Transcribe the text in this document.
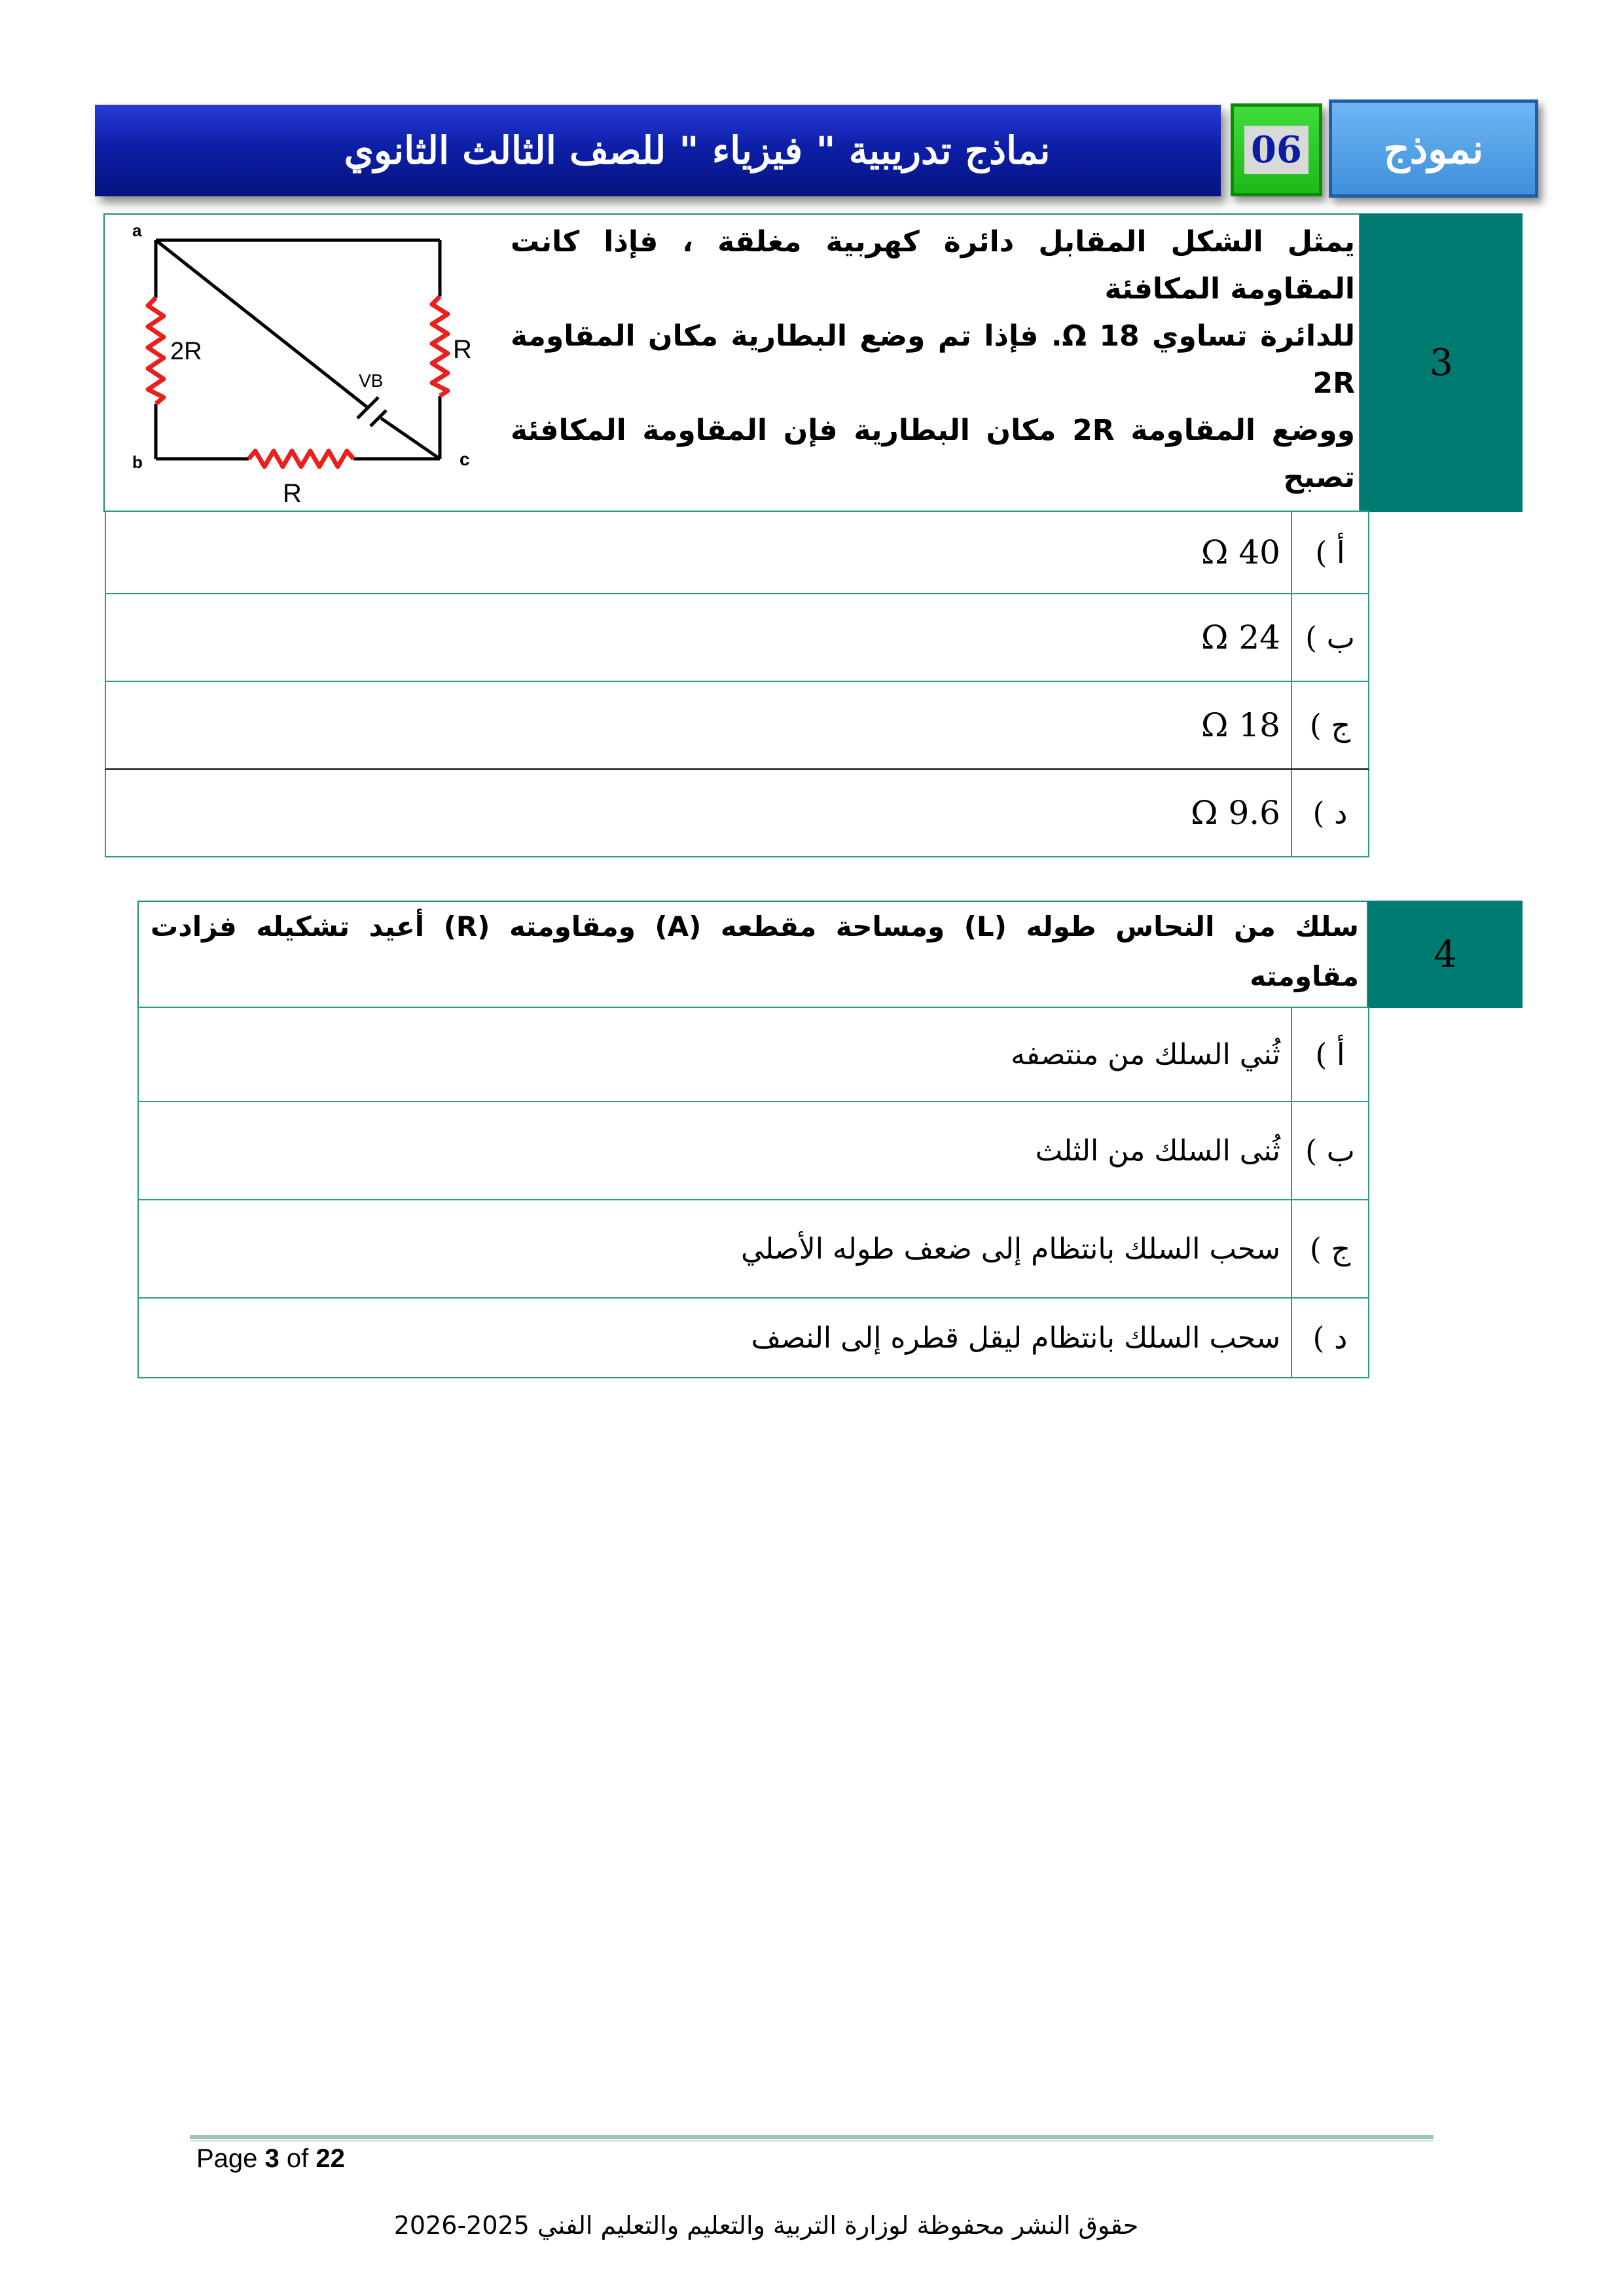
نماذج تدريبية " فيزياء " للصف الثالث الثانوي	06	نموذج
3
a
b	c
2R	R
R
VB
يمثل الشكل المقابل دائرة كهربية مغلقة ، فإذا كانت المقاومة المكافئة
للدائرة تساوي Ω 18. فإذا تم وضع البطارية مكان المقاومة 2R
ووضع المقاومة 2R مكان البطارية فإن المقاومة المكافئة تصبح
أ )
40 Ω
ب )
24 Ω
ج )
18 Ω
د )
9.6 Ω
4
سلك من النحاس طوله (L) ومساحة مقطعه (A) ومقاومته (R) أعيد تشكيله فزادت مقاومته
أ )
ثُني السلك من منتصفه
ب )
ثُنى السلك من الثلث
ج )
سحب السلك بانتظام إلى ضعف طوله الأصلي
د )
سحب السلك بانتظام ليقل قطره إلى النصف
Page 3 of 22
حقوق النشر محفوظة لوزارة التربية والتعليم والتعليم الفني 2025-2026
